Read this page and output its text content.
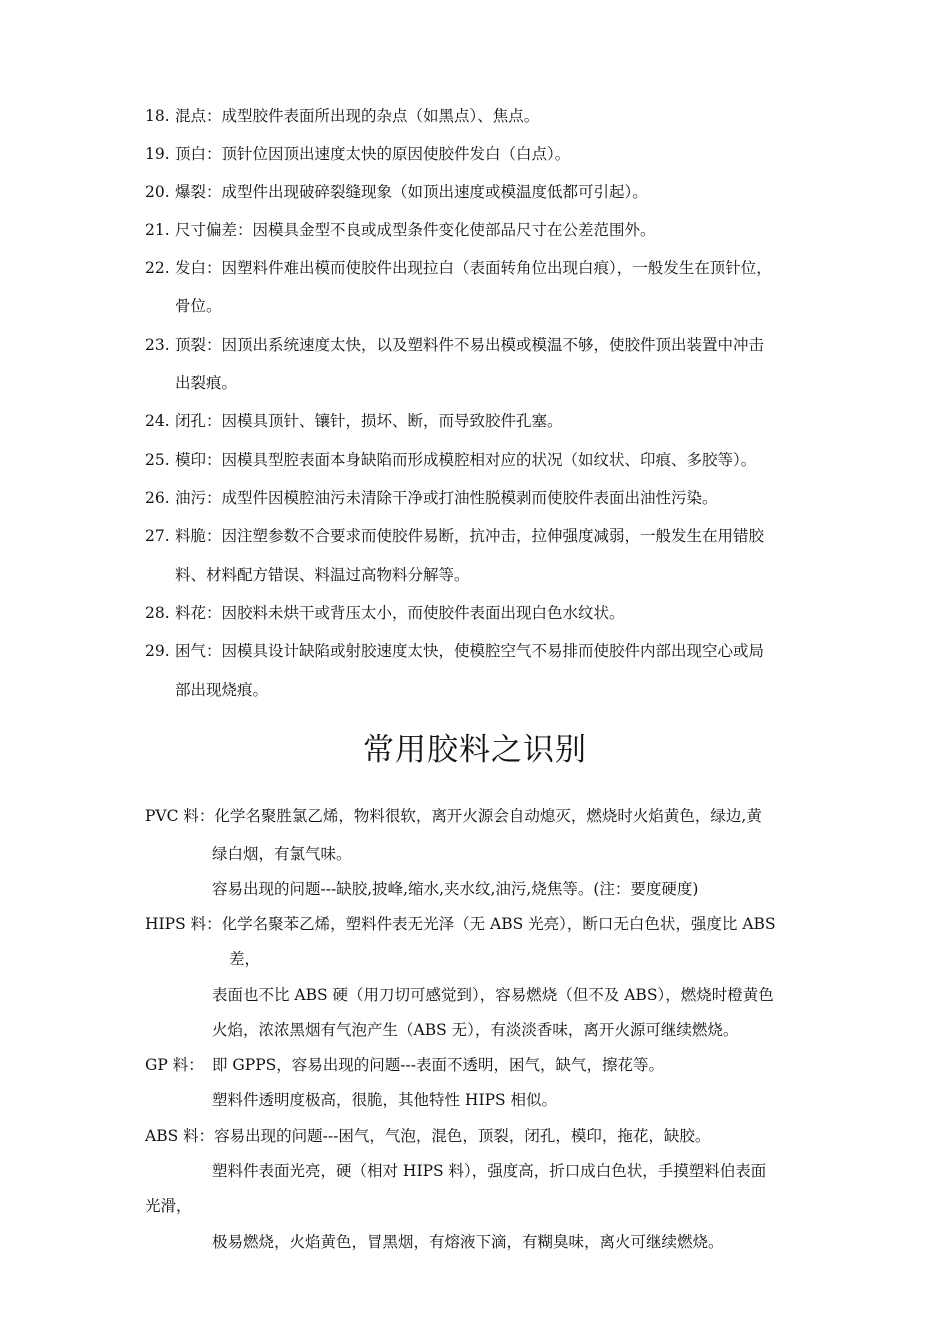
18. 混点：成型胶件表面所出现的杂点（如黑点）、焦点。
19. 顶白：顶针位因顶出速度太快的原因使胶件发白（白点）。
20. 爆裂：成型件出现破碎裂缝现象（如顶出速度或模温度低都可引起）。
21. 尺寸偏差：因模具金型不良或成型条件变化使部品尺寸在公差范围外。
22. 发白：因塑料件难出模而使胶件出现拉白（表面转角位出现白痕），一般发生在顶针位，
骨位。
23. 顶裂：因顶出系统速度太快，以及塑料件不易出模或模温不够，使胶件顶出装置中冲击
出裂痕。
24. 闭孔：因模具顶针、镶针，损坏、断，而导致胶件孔塞。
25. 模印：因模具型腔表面本身缺陷而形成模腔相对应的状况（如纹状、印痕、多胶等）。
26. 油污：成型件因模腔油污未清除干净或打油性脱模剥而使胶件表面出油性污染。
27. 料脆：因注塑参数不合要求而使胶件易断，抗冲击，拉伸强度减弱，一般发生在用错胶
料、材料配方错误、料温过高物料分解等。
28. 料花：因胶料未烘干或背压太小，而使胶件表面出现白色水纹状。
29. 困气：因模具设计缺陷或射胶速度太快，使模腔空气不易排而使胶件内部出现空心或局
部出现烧痕。
常用胶料之识别
PVC 料：化学名聚胜氯乙烯，物料很软，离开火源会自动熄灭，燃烧时火焰黄色，绿边,黄
绿白烟，有氯气味。
容易出现的问题---缺胶,披峰,缩水,夹水纹,油污,烧焦等。(注：要度硬度)
HIPS 料：化学名聚苯乙烯，塑料件表无光泽（无 ABS 光亮），断口无白色状，强度比 ABS
差，
表面也不比 ABS 硬（用刀切可感觉到），容易燃烧（但不及 ABS），燃烧时橙黄色
火焰，浓浓黑烟有气泡产生（ABS 无），有淡淡香味，离开火源可继续燃烧。
GP 料： 即 GPPS，容易出现的问题---表面不透明，困气，缺气，擦花等。
塑料件透明度极高，很脆，其他特性 HIPS 相似。
ABS 料：容易出现的问题---困气，气泡，混色，顶裂，闭孔，模印，拖花，缺胶。
塑料件表面光亮，硬（相对 HIPS 料），强度高，折口成白色状，手摸塑料伯表面
光滑，
极易燃烧，火焰黄色，冒黑烟，有熔液下滴，有糊臭味，离火可继续燃烧。
